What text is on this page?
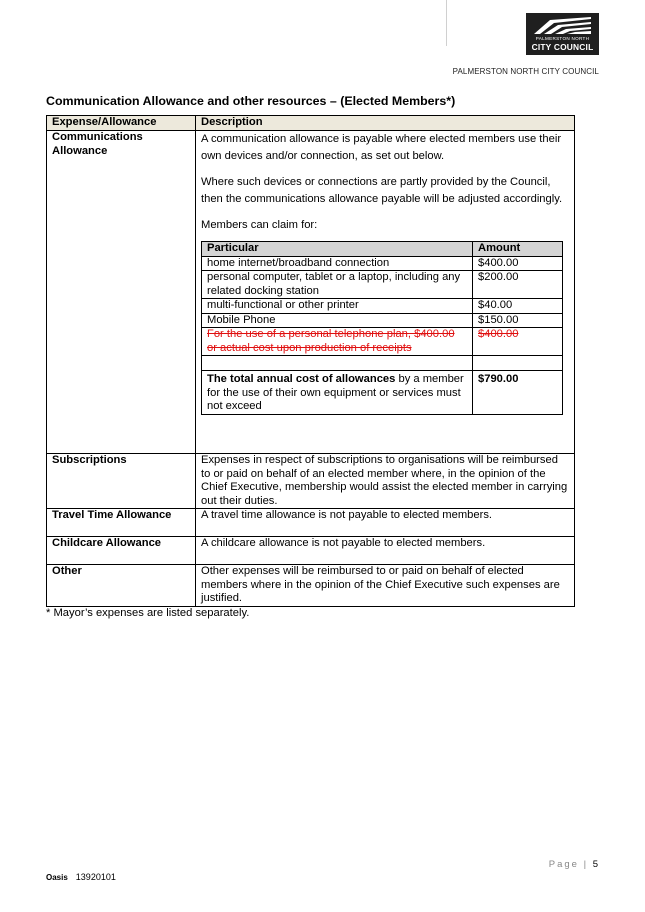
PALMERSTON NORTH
CITY COUNCIL
PALMERSTON NORTH CITY COUNCIL
Communication Allowance and other resources – (Elected Members*)
Expense/Allowance	Description

Communications
Allowance

A communication allowance is payable where elected members use their own devices and/or connection, as set out below.

Where such devices or connections are partly provided by the Council, then the communications allowance payable will be adjusted accordingly.

Members can claim for:

Particular	Amount
home internet/broadband connection	$400.00
personal computer, tablet or a laptop, including any related docking station	$200.00
multi-functional or other printer	$40.00
Mobile Phone	$150.00
For the use of a personal telephone plan, $400.00 or actual cost upon production of receipts	$400.00

The total annual cost of allowances by a member for the use of their own equipment or services must not exceed	$790.00

Subscriptions	Expenses in respect of subscriptions to organisations will be reimbursed to or paid on behalf of an elected member where, in the opinion of the Chief Executive, membership would assist the elected member in carrying out their duties.
Travel Time Allowance	A travel time allowance is not payable to elected members.
Childcare Allowance	A childcare allowance is not payable to elected members.
Other	Other expenses will be reimbursed to or paid on behalf of elected members where in the opinion of the Chief Executive such expenses are justified.
* Mayor’s expenses are listed separately.
Page | 5
Oasis 13920101
